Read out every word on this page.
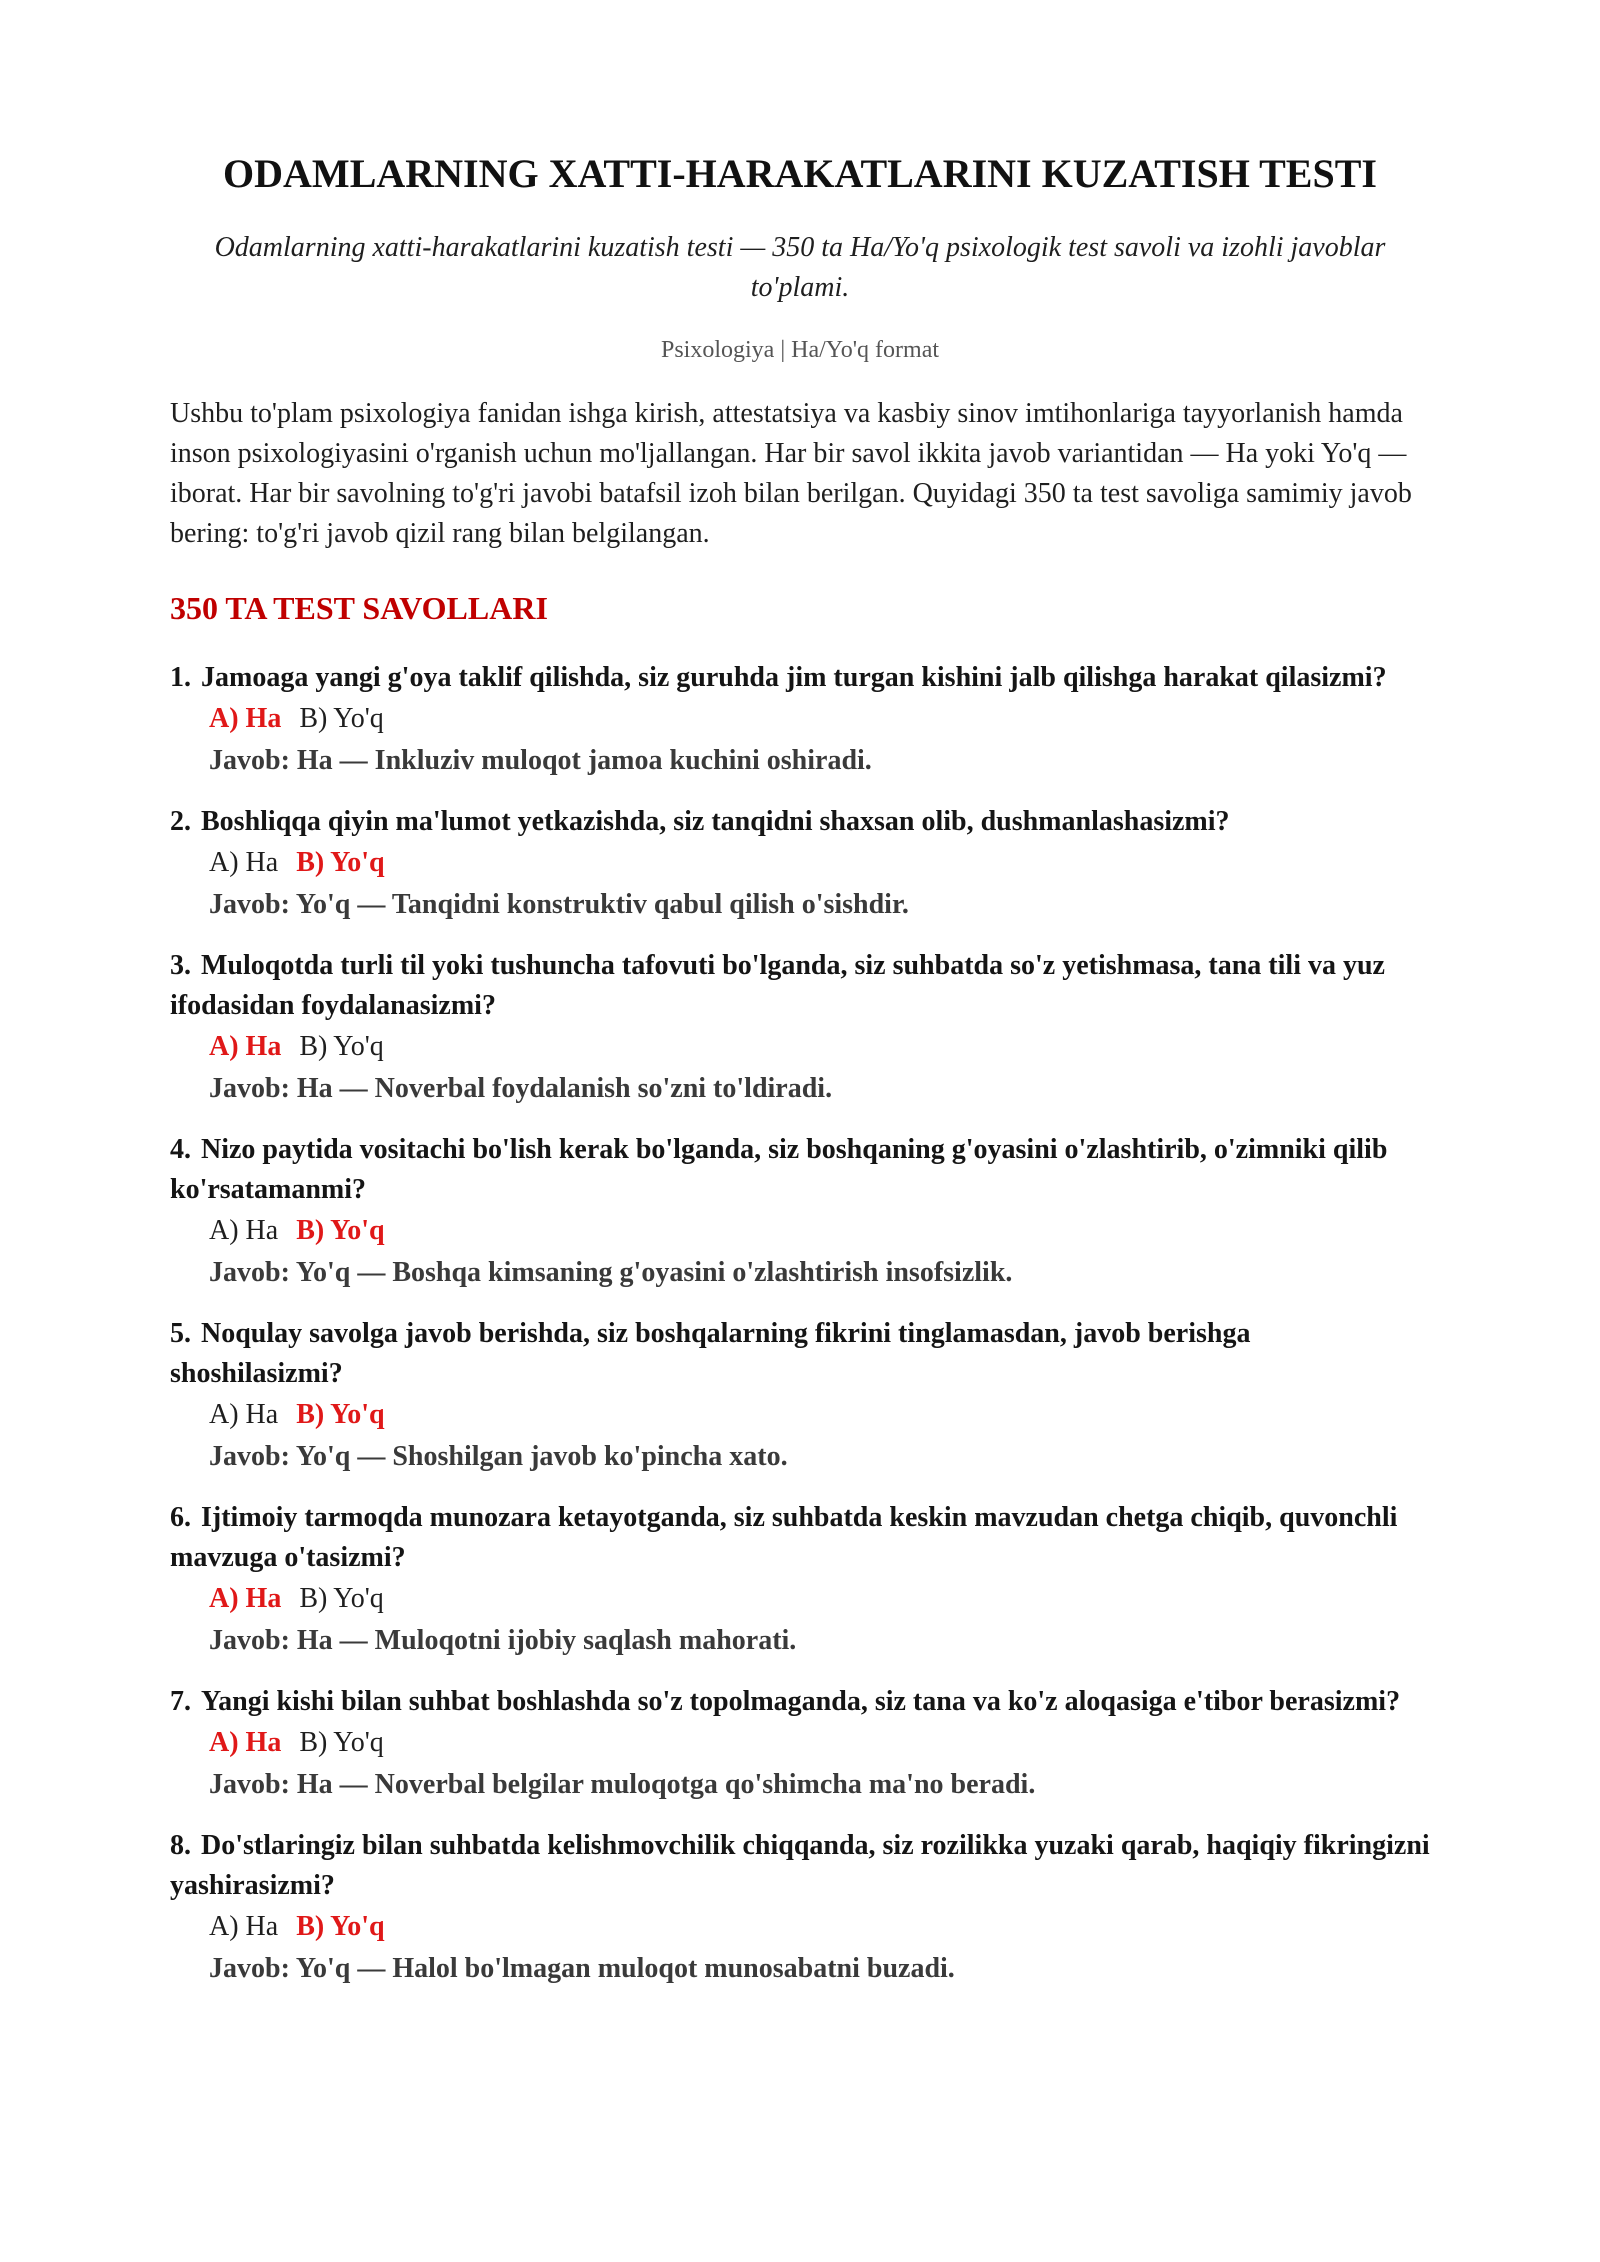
ODAMLARNING XATTI-HARAKATLARINI KUZATISH TESTI

Odamlarning xatti-harakatlarini kuzatish testi — 350 ta Ha/Yo'q psixologik test savoli va izohli javoblar to'plami.

Psixologiya | Ha/Yo'q format

Ushbu to'plam psixologiya fanidan ishga kirish, attestatsiya va kasbiy sinov imtihonlariga tayyorlanish hamda inson psixologiyasini o'rganish uchun mo'ljallangan. Har bir savol ikkita javob variantidan — Ha yoki Yo'q — iborat. Har bir savolning to'g'ri javobi batafsil izoh bilan berilgan. Quyidagi 350 ta test savoliga samimiy javob bering: to'g'ri javob qizil rang bilan belgilangan.

350 TA TEST SAVOLLARI
1. Jamoaga yangi g'oya taklif qilishda, siz guruhda jim turgan kishini jalb qilishga harakat qilasizmi?
A) Ha B) Yo'q
Javob: Ha — Inkluziv muloqot jamoa kuchini oshiradi.
2. Boshliqqa qiyin ma'lumot yetkazishda, siz tanqidni shaxsan olib, dushmanlashasizmi?
A) Ha B) Yo'q
Javob: Yo'q — Tanqidni konstruktiv qabul qilish o'sishdir.
3. Muloqotda turli til yoki tushuncha tafovuti bo'lganda, siz suhbatda so'z yetishmasa, tana tili va yuz ifodasidan foydalanasizmi?
A) Ha B) Yo'q
Javob: Ha — Noverbal foydalanish so'zni to'ldiradi.
4. Nizo paytida vositachi bo'lish kerak bo'lganda, siz boshqaning g'oyasini o'zlashtirib, o'zimniki qilib ko'rsatamanmi?
A) Ha B) Yo'q
Javob: Yo'q — Boshqa kimsaning g'oyasini o'zlashtirish insofsizlik.
5. Noqulay savolga javob berishda, siz boshqalarning fikrini tinglamasdan, javob berishga shoshilasizmi?
A) Ha B) Yo'q
Javob: Yo'q — Shoshilgan javob ko'pincha xato.
6. Ijtimoiy tarmoqda munozara ketayotganda, siz suhbatda keskin mavzudan chetga chiqib, quvonchli mavzuga o'tasizmi?
A) Ha B) Yo'q
Javob: Ha — Muloqotni ijobiy saqlash mahorati.
7. Yangi kishi bilan suhbat boshlashda so'z topolmaganda, siz tana va ko'z aloqasiga e'tibor berasizmi?
A) Ha B) Yo'q
Javob: Ha — Noverbal belgilar muloqotga qo'shimcha ma'no beradi.
8. Do'stlaringiz bilan suhbatda kelishmovchilik chiqqanda, siz rozilikka yuzaki qarab, haqiqiy fikringizni yashirasizmi?
A) Ha B) Yo'q
Javob: Yo'q — Halol bo'lmagan muloqot munosabatni buzadi.
